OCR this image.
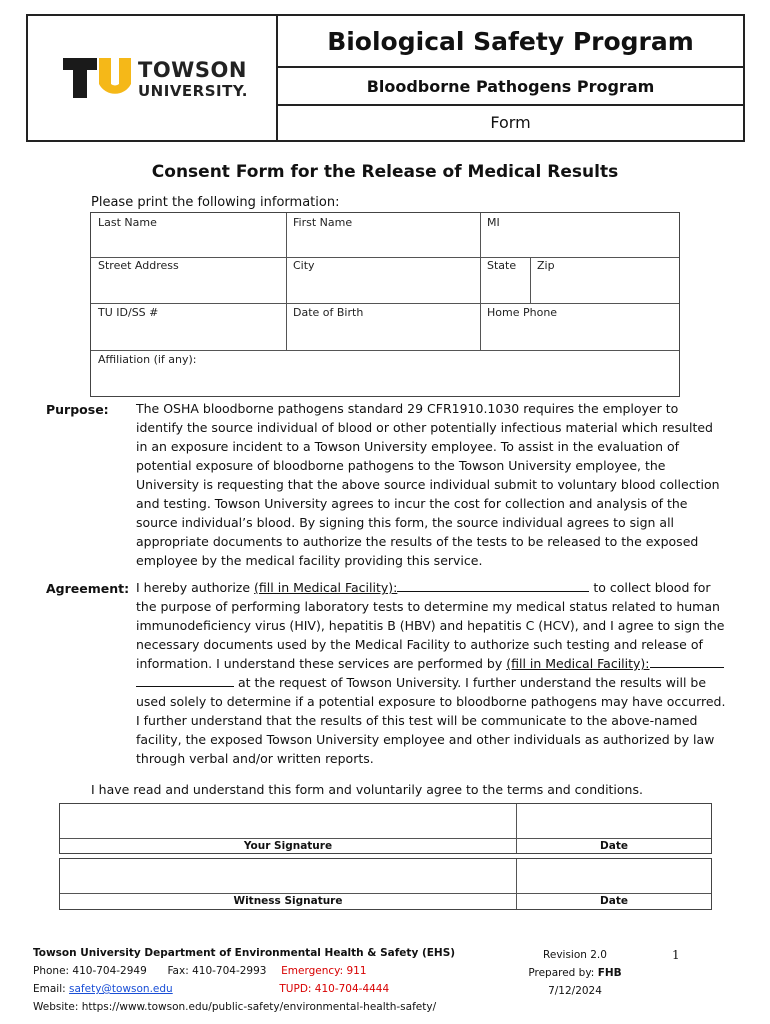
TOWSON
UNIVERSITY.
Biological Safety Program
Bloodborne Pathogens Program
Form
Consent Form for the Release of Medical Results
Please print the following information:
Last Name	First Name	MI
Street Address	City	State Zip
TU ID/SS #	Date of Birth	Home Phone
Affiliation (if any):
Purpose: The OSHA bloodborne pathogens standard 29 CFR1910.1030 requires the employer to identify the source individual of blood or other potentially infectious material which resulted in an exposure incident to a Towson University employee. To assist in the evaluation of potential exposure of bloodborne pathogens to the Towson University employee, the University is requesting that the above source individual submit to voluntary blood collection and testing. Towson University agrees to incur the cost for collection and analysis of the source individual’s blood. By signing this form, the source individual agrees to sign all appropriate documents to authorize the results of the tests to be released to the exposed employee by the medical facility providing this service.
Agreement: I hereby authorize (fill in Medical Facility):	to collect blood for the purpose of performing laboratory tests to determine my medical status related to human immunodeficiency virus (HIV), hepatitis B (HBV) and hepatitis C (HCV), and I agree to sign the necessary documents used by the Medical Facility to authorize such testing and release of information. I understand these services are performed by (fill in Medical Facility):  at the request of Towson University. I further understand the results will be used solely to determine if a potential exposure to bloodborne pathogens may have occurred. I further understand that the results of this test will be communicate to the above-named facility, the exposed Towson University employee and other individuals as authorized by law through verbal and/or written reports.
I have read and understand this form and voluntarily agree to the terms and conditions.
Your Signature	Date
Witness Signature	Date
Towson University Department of Environmental Health & Safety (EHS)
Phone: 410-704-2949 Fax: 410-704-2993 Emergency: 911
Email: safety@towson.edu	TUPD: 410-704-4444
Website: https://www.towson.edu/public-safety/environmental-health-safety/
Revision 2.0
Prepared by: FHB
7/12/2024
1
